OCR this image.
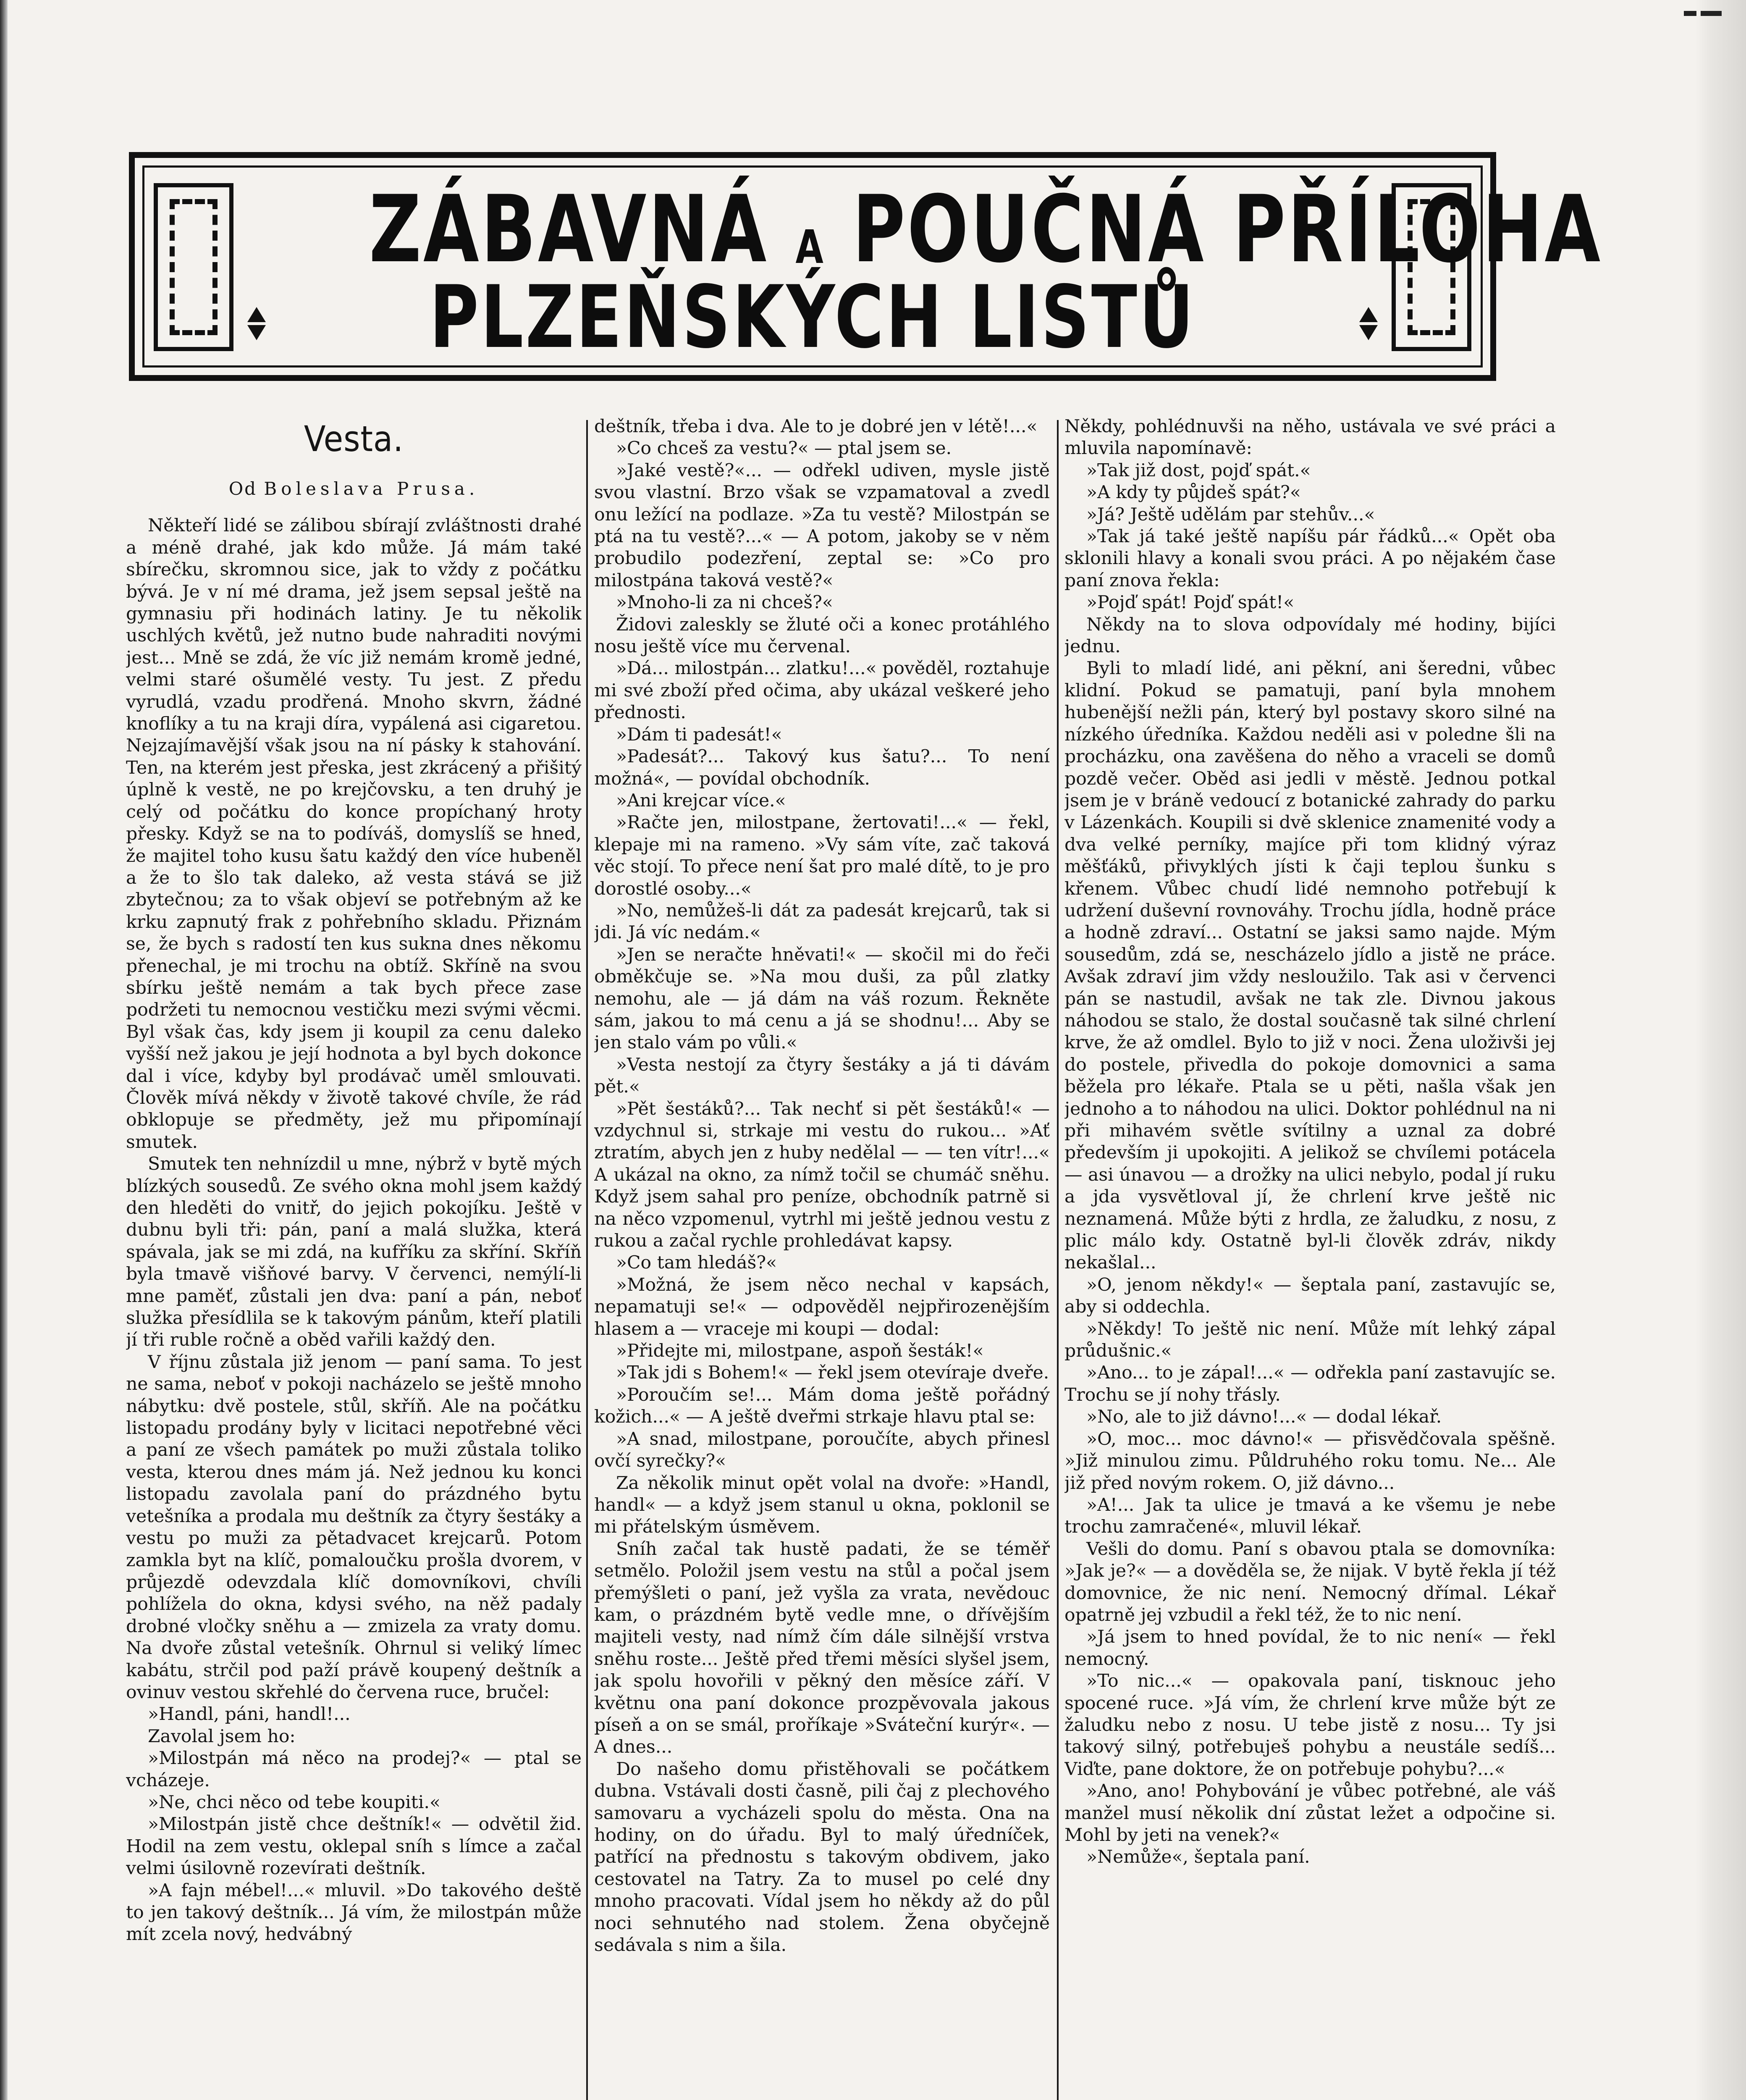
ZÁBAVNÁ A POUČNÁ PŘÍLOHA
PLZEŇSKÝCH LISTŮ
Vesta.
Od Boleslava Prusa.

Někteří lidé se zálibou sbírají zvláštnosti drahé a méně drahé, jak kdo může. Já mám také sbírečku, skromnou sice, jak to vždy z počátku bývá. Je v ní mé drama, jež jsem sepsal ještě na gymnasiu při hodinách latiny. Je tu několik uschlých květů, jež nutno bude nahraditi novými jest... Mně se zdá, že víc již nemám kromě jedné, velmi staré ošumělé vesty. Tu jest. Z předu vyrudlá, vzadu prodřená. Mnoho skvrn, žádné knoflíky a tu na kraji díra, vypálená asi cigaretou. Nejzajímavější však jsou na ní pásky k stahování. Ten, na kterém jest přeska, jest zkrácený a přišitý úplně k vestě, ne po krejčovsku, a ten druhý je celý od počátku do konce propíchaný hroty přesky. Když se na to podíváš, domyslíš se hned, že majitel toho kusu šatu každý den více hubeněl a že to šlo tak daleko, až vesta stává se již zbytečnou; za to však objeví se potřebným až ke krku zapnutý frak z pohřebního skladu. Přiznám se, že bych s radostí ten kus sukna dnes někomu přenechal, je mi trochu na obtíž. Skříně na svou sbírku ještě nemám a tak bych přece zase podržeti tu nemocnou vestičku mezi svými věcmi. Byl však čas, kdy jsem ji koupil za cenu daleko vyšší než jakou je její hodnota a byl bych dokonce dal i více, kdyby byl prodávač uměl smlouvati. Člověk mívá někdy v životě takové chvíle, že rád obklopuje se předměty, jež mu připomínají smutek.

Smutek ten nehnízdil u mne, nýbrž v bytě mých blízkých sousedů. Ze svého okna mohl jsem každý den hleděti do vnitř, do jejich pokojíku. Ještě v dubnu byli tři: pán, paní a malá služka, která spávala, jak se mi zdá, na kufříku za skříní. Skříň byla tmavě višňové barvy. V červenci, nemýlí-li mne paměť, zůstali jen dva: paní a pán, neboť služka přesídlila se k takovým pánům, kteří platili jí tři ruble ročně a oběd vařili každý den.

V říjnu zůstala již jenom — paní sama. To jest ne sama, neboť v pokoji nacházelo se ještě mnoho nábytku: dvě postele, stůl, skříň. Ale na počátku listopadu prodány byly v licitaci nepotřebné věci a paní ze všech památek po muži zůstala toliko vesta, kterou dnes mám já. Než jednou ku konci listopadu zavolala paní do prázdného bytu vetešníka a prodala mu deštník za čtyry šestáky a vestu po muži za pětadvacet krejcarů. Potom zamkla byt na klíč, pomaloučku prošla dvorem, v průjezdě odevzdala klíč domovníkovi, chvíli pohlížela do okna, kdysi svého, na něž padaly drobné vločky sněhu a — zmizela za vraty domu. Na dvoře zůstal vetešník. Ohrnul si veliký límec kabátu, strčil pod paží právě koupený deštník a ovinuv vestou skřehlé do červena ruce, bručel:

»Handl, páni, handl!...

Zavolal jsem ho:

»Milostpán má něco na prodej?« — ptal se vcházeje.

»Ne, chci něco od tebe koupiti.«

»Milostpán jistě chce deštník!« — odvětil žid. Hodil na zem vestu, oklepal sníh s límce a začal velmi úsilovně rozevírati deštník.

»A fajn mébel!...« mluvil. »Do takového deště to jen takový deštník... Já vím, že milostpán může mít zcela nový, hedvábný

deštník, třeba i dva. Ale to je dobré jen v létě!...«

»Co chceš za vestu?« — ptal jsem se.

»Jaké vestě?«... — odřekl udiven, mysle jistě svou vlastní. Brzo však se vzpamatoval a zvedl onu ležící na podlaze. »Za tu vestě? Milostpán se ptá na tu vestě?...« — A potom, jakoby se v něm probudilo podezření, zeptal se: »Co pro milostpána taková vestě?«

»Mnoho-li za ni chceš?«

Židovi zaleskly se žluté oči a konec protáhlého nosu ještě více mu červenal.

»Dá... milostpán... zlatku!...« pověděl, roztahuje mi své zboží před očima, aby ukázal veškeré jeho přednosti.

»Dám ti padesát!«

»Padesát?... Takový kus šatu?... To není možná«, — povídal obchodník.

»Ani krejcar více.«

»Račte jen, milostpane, žertovati!...« — řekl, klepaje mi na rameno. »Vy sám víte, zač taková věc stojí. To přece není šat pro malé dítě, to je pro dorostlé osoby...«

»No, nemůžeš-li dát za padesát krejcarů, tak si jdi. Já víc nedám.«

»Jen se neračte hněvati!« — skočil mi do řeči obměkčuje se. »Na mou duši, za půl zlatky nemohu, ale — já dám na váš rozum. Řekněte sám, jakou to má cenu a já se shodnu!... Aby se jen stalo vám po vůli.«

»Vesta nestojí za čtyry šestáky a já ti dávám pět.«

»Pět šestáků?... Tak nechť si pět šestáků!« — vzdychnul si, strkaje mi vestu do rukou... »Ať ztratím, abych jen z huby nedělal — — ten vítr!...« A ukázal na okno, za nímž točil se chumáč sněhu. Když jsem sahal pro peníze, obchodník patrně si na něco vzpomenul, vytrhl mi ještě jednou vestu z rukou a začal rychle prohledávat kapsy.

»Co tam hledáš?«

»Možná, že jsem něco nechal v kapsách, nepamatuji se!« — odpověděl nejpřirozenějším hlasem a — vraceje mi koupi — dodal:

»Přidejte mi, milostpane, aspoň šesták!«

»Tak jdi s Bohem!« — řekl jsem otevíraje dveře.

»Poroučím se!... Mám doma ještě pořádný kožich...« — A ještě dveřmi strkaje hlavu ptal se:

»A snad, milostpane, poroučíte, abych přinesl ovčí syrečky?«

Za několik minut opět volal na dvoře: »Handl, handl« — a když jsem stanul u okna, poklonil se mi přátelským úsměvem.

Sníh začal tak hustě padati, že se téměř setmělo. Položil jsem vestu na stůl a počal jsem přemýšleti o paní, jež vyšla za vrata, nevědouc kam, o prázdném bytě vedle mne, o dřívějším majiteli vesty, nad nímž čím dále silnější vrstva sněhu roste... Ještě před třemi měsíci slyšel jsem, jak spolu hovořili v pěkný den měsíce září. V květnu ona paní dokonce prozpěvovala jakous píseň a on se smál, proříkaje »Sváteční kurýr«. — A dnes...

Do našeho domu přistěhovali se počátkem dubna. Vstávali dosti časně, pili čaj z plechového samovaru a vycházeli spolu do města. Ona na hodiny, on do úřadu. Byl to malý úředníček, patřící na přednostu s takovým obdivem, jako cestovatel na Tatry. Za to musel po celé dny mnoho pracovati. Vídal jsem ho někdy až do půl noci sehnutého nad stolem. Žena obyčejně sedávala s nim a šila.

Někdy, pohlédnuvši na něho, ustávala ve své práci a mluvila napomínavě:

»Tak již dost, pojď spát.«

»A kdy ty půjdeš spát?«

»Já? Ještě udělám par stehův...«

»Tak já také ještě napíšu pár řádků...« Opět oba sklonili hlavy a konali svou práci. A po nějakém čase paní znova řekla:

»Pojď spát! Pojď spát!«

Někdy na to slova odpovídaly mé hodiny, bijíci jednu.

Byli to mladí lidé, ani pěkní, ani šeredni, vůbec klidní. Pokud se pamatuji, paní byla mnohem hubenější nežli pán, který byl postavy skoro silné na nízkého úředníka. Každou neděli asi v poledne šli na procházku, ona zavěšena do něho a vraceli se domů pozdě večer. Oběd asi jedli v městě. Jednou potkal jsem je v bráně vedoucí z botanické zahrady do parku v Lázenkách. Koupili si dvě sklenice znamenité vody a dva velké perníky, majíce při tom klidný výraz měšťáků, přivyklých jísti k čaji teplou šunku s křenem. Vůbec chudí lidé nemnoho potřebují k udržení duševní rovnováhy. Trochu jídla, hodně práce a hodně zdraví... Ostatní se jaksi samo najde. Mým sousedům, zdá se, nescházelo jídlo a jistě ne práce. Avšak zdraví jim vždy nesloužilo. Tak asi v červenci pán se nastudil, avšak ne tak zle. Divnou jakous náhodou se stalo, že dostal současně tak silné chrlení krve, že až omdlel. Bylo to již v noci. Žena uloživši jej do postele, přivedla do pokoje domovnici a sama běžela pro lékaře. Ptala se u pěti, našla však jen jednoho a to náhodou na ulici. Doktor pohlédnul na ni při mihavém světle svítilny a uznal za dobré především ji upokojiti. A jelikož se chvílemi potácela — asi únavou — a drožky na ulici nebylo, podal jí ruku a jda vysvětloval jí, že chrlení krve ještě nic neznamená. Může býti z hrdla, ze žaludku, z nosu, z plic málo kdy. Ostatně byl-li člověk zdráv, nikdy nekašlal...

»O, jenom někdy!« — šeptala paní, zastavujíc se, aby si oddechla.

»Někdy! To ještě nic není. Může mít lehký zápal průdušnic.«

»Ano... to je zápal!...« — odřekla paní zastavujíc se. Trochu se jí nohy třásly.

»No, ale to již dávno!...« — dodal lékař.

»O, moc... moc dávno!« — přisvědčovala spěšně. »Již minulou zimu. Půldruhého roku tomu. Ne... Ale již před novým rokem. O, již dávno...

»A!... Jak ta ulice je tmavá a ke všemu je nebe trochu zamračené«, mluvil lékař.

Vešli do domu. Paní s obavou ptala se domovníka: »Jak je?« — a dověděla se, že nijak. V bytě řekla jí též domovnice, že nic není. Nemocný dřímal. Lékař opatrně jej vzbudil a řekl též, že to nic není.

»Já jsem to hned povídal, že to nic není« — řekl nemocný.

»To nic...« — opakovala paní, tisknouc jeho spocené ruce. »Já vím, že chrlení krve může být ze žaludku nebo z nosu. U tebe jistě z nosu... Ty jsi takový silný, potřebuješ pohybu a neustále sedíš... Viďte, pane doktore, že on potřebuje pohybu?...«

»Ano, ano! Pohybování je vůbec potřebné, ale váš manžel musí několik dní zůstat ležet a odpočine si. Mohl by jeti na venek?«

»Nemůže«, šeptala paní.
